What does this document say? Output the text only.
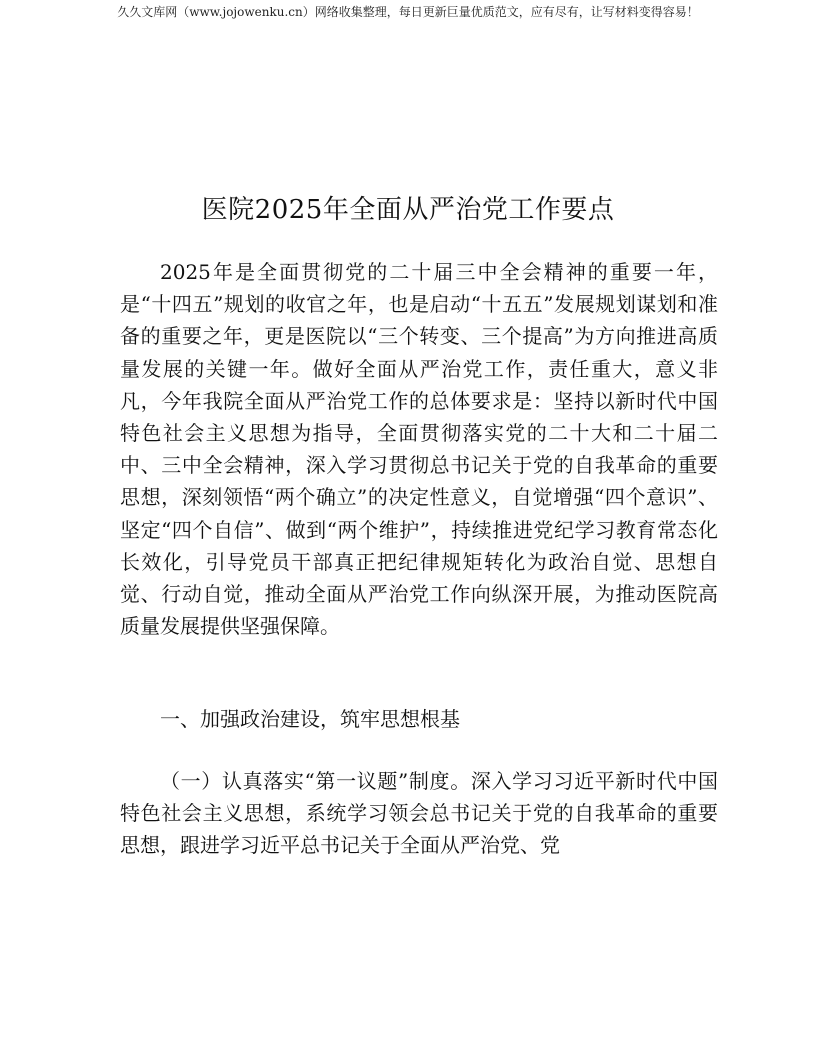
久久文库网（www.jojowenku.cn）网络收集整理，每日更新巨量优质范文，应有尽有，让写材料变得容易！
医院2025年全面从严治党工作要点

2025年是全面贯彻党的二十届三中全会精神的重要一年，是“十四五”规划的收官之年，也是启动“十五五”发展规划谋划和准备的重要之年，更是医院以“三个转变、三个提高”为方向推进高质量发展的关键一年。做好全面从严治党工作，责任重大，意义非凡，今年我院全面从严治党工作的总体要求是：坚持以新时代中国特色社会主义思想为指导，全面贯彻落实党的二十大和二十届二中、三中全会精神，深入学习贯彻总书记关于党的自我革命的重要思想，深刻领悟“两个确立”的决定性意义，自觉增强“四个意识”、坚定“四个自信”、做到“两个维护”，持续推进党纪学习教育常态化长效化，引导党员干部真正把纪律规矩转化为政治自觉、思想自觉、行动自觉，推动全面从严治党工作向纵深开展，为推动医院高质量发展提供坚强保障。

一、加强政治建设，筑牢思想根基

（一）认真落实“第一议题”制度。深入学习习近平新时代中国特色社会主义思想，系统学习领会总书记关于党的自我革命的重要思想，跟进学习近平总书记关于全面从严治党、党
